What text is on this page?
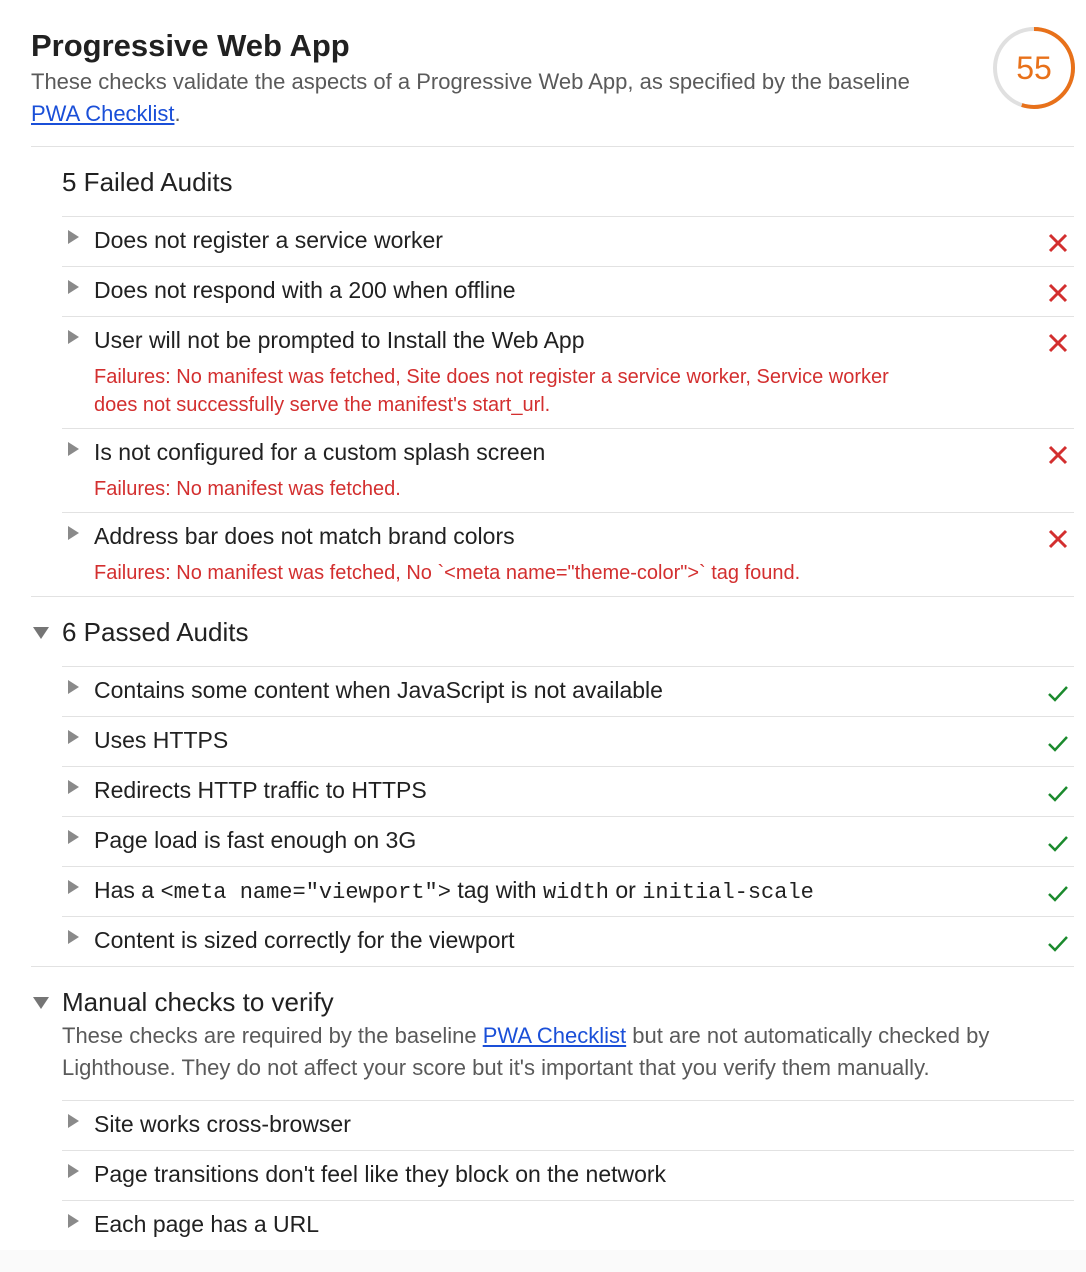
Progressive Web App
These checks validate the aspects of a Progressive Web App, as specified by the baseline PWA Checklist.
55
5 Failed Audits
Does not register a service worker
Does not respond with a 200 when offline
User will not be prompted to Install the Web App
Failures: No manifest was fetched, Site does not register a service worker, Service worker does not successfully serve the manifest's start_url.
Is not configured for a custom splash screen
Failures: No manifest was fetched.
Address bar does not match brand colors
Failures: No manifest was fetched, No `<meta name="theme-color">` tag found.
6 Passed Audits
Contains some content when JavaScript is not available
Uses HTTPS
Redirects HTTP traffic to HTTPS
Page load is fast enough on 3G
Has a <meta name="viewport"> tag with width or initial-scale
Content is sized correctly for the viewport
Manual checks to verify
These checks are required by the baseline PWA Checklist but are not automatically checked by Lighthouse. They do not affect your score but it's important that you verify them manually.
Site works cross-browser
Page transitions don't feel like they block on the network
Each page has a URL
